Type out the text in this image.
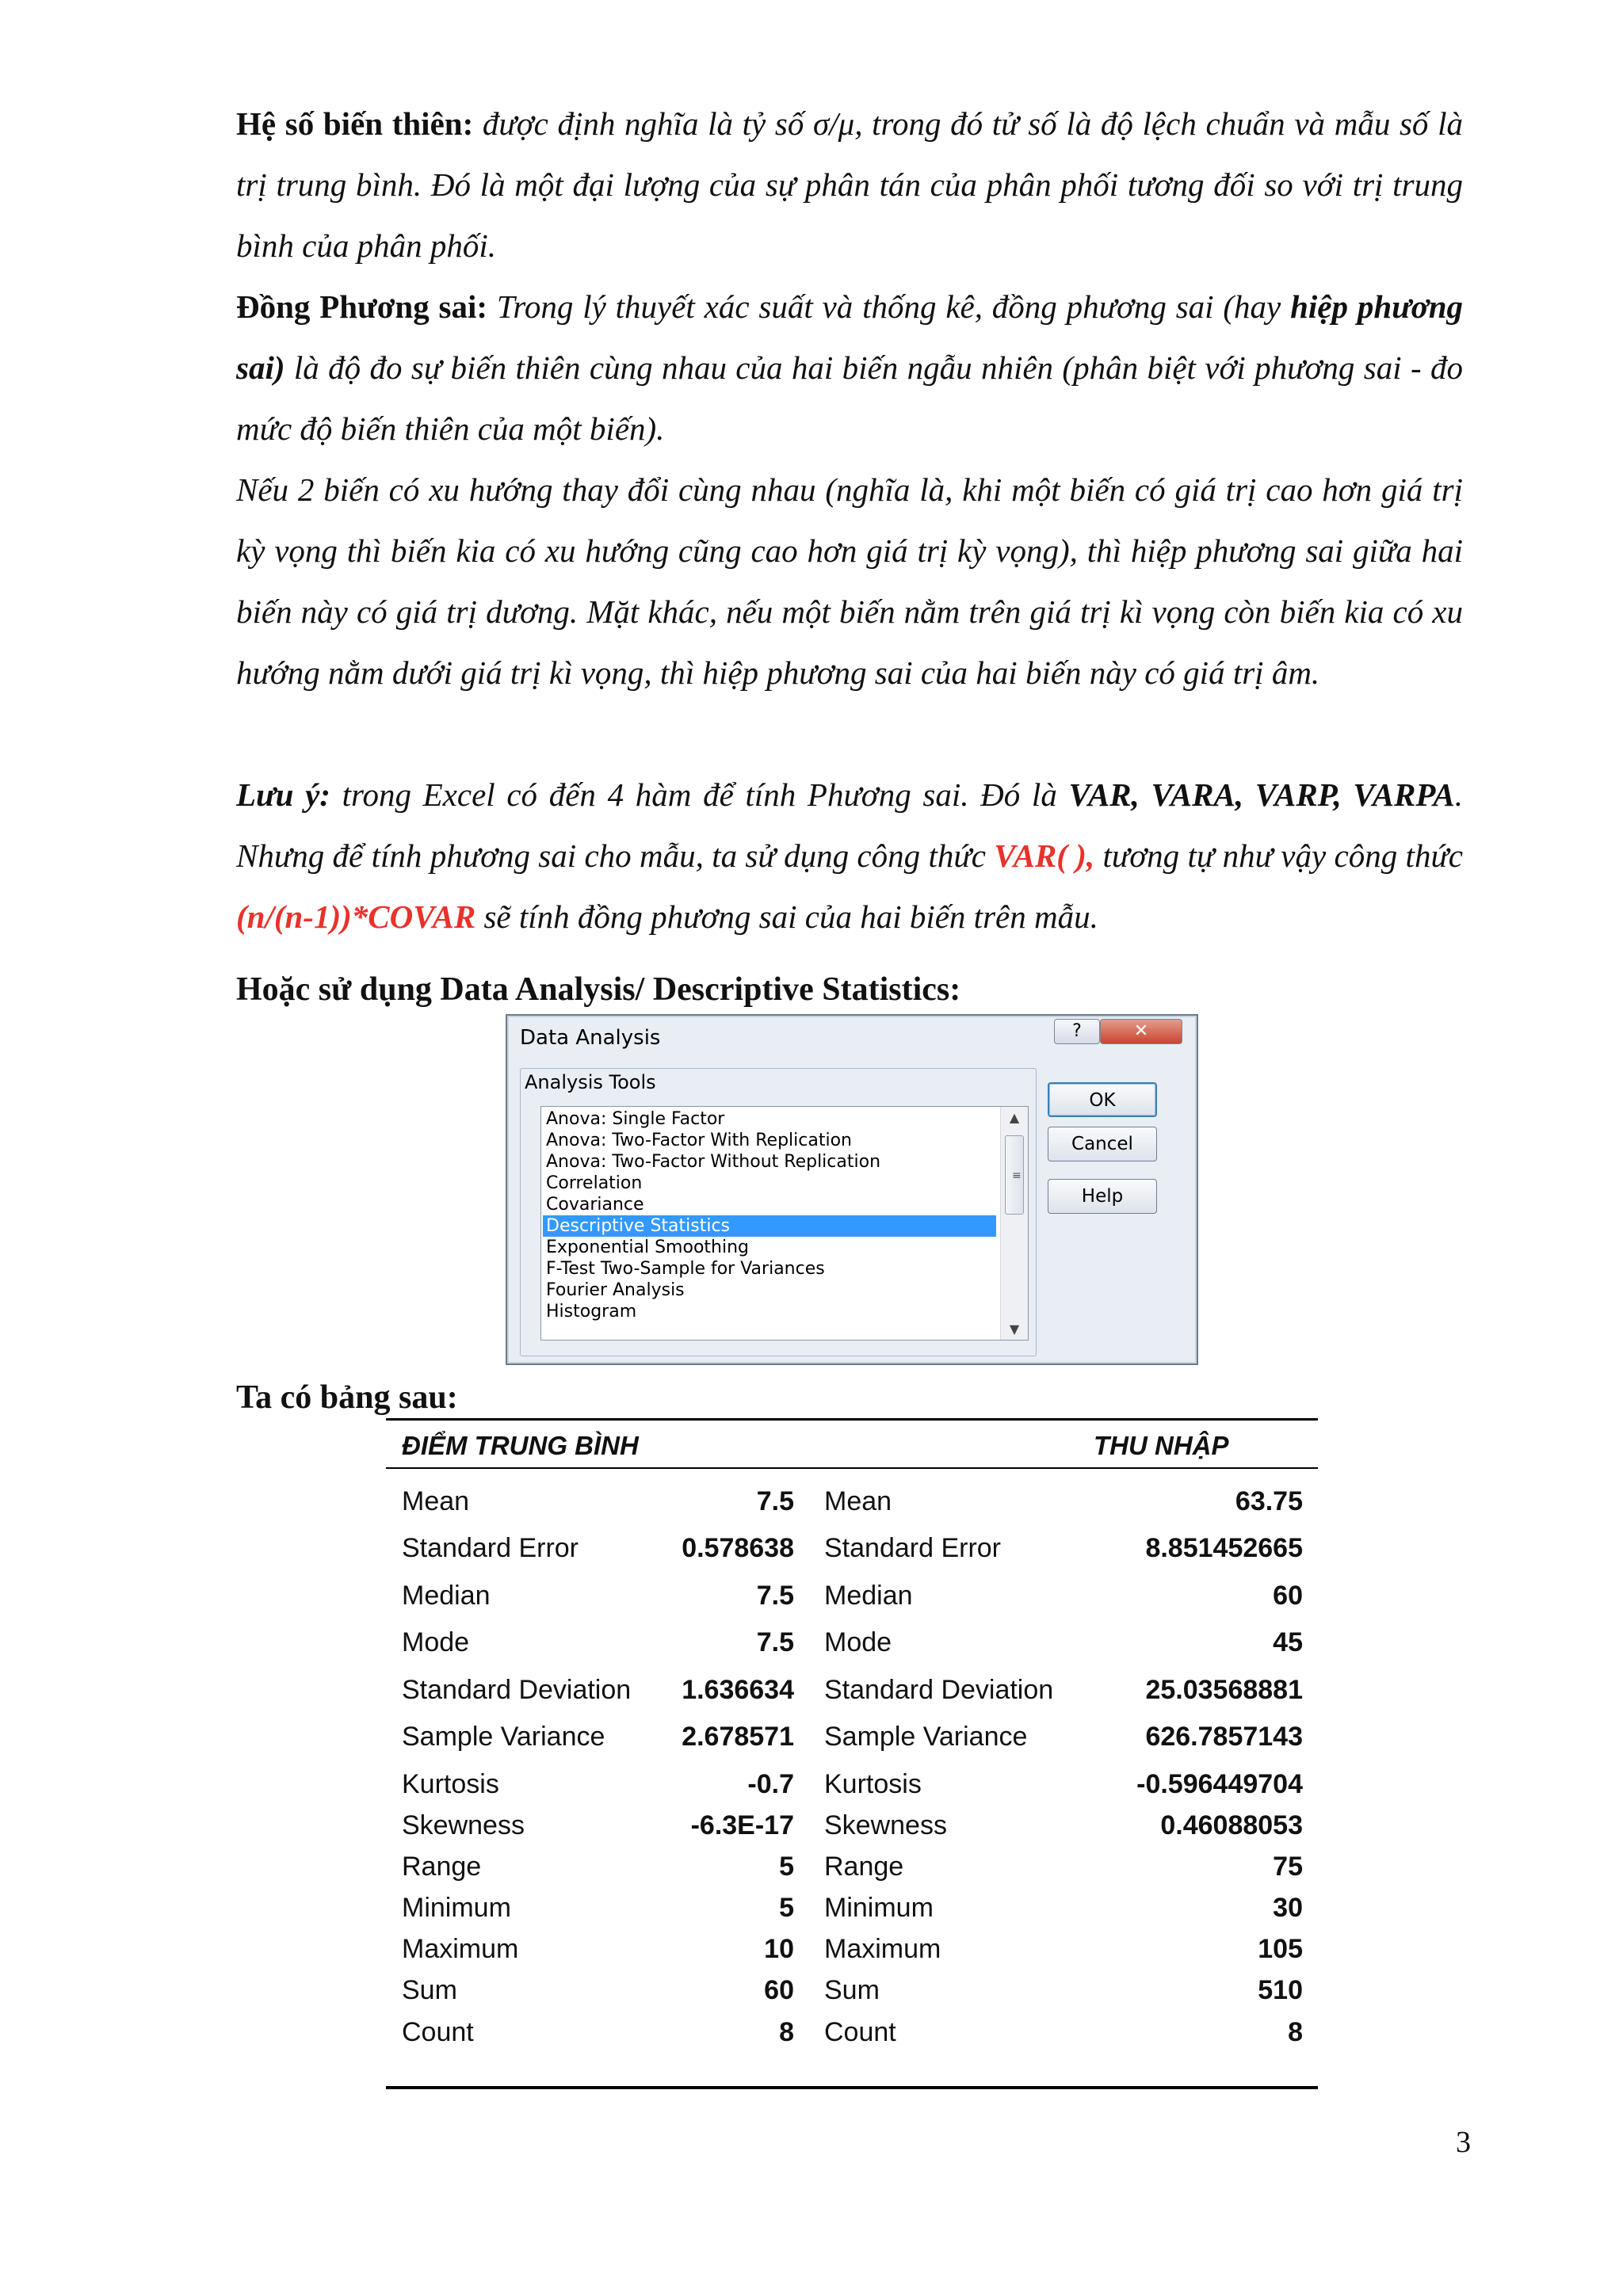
Hệ số biến thiên: được định nghĩa là tỷ số σ/μ, trong đó tử số là độ lệch chuẩn và mẫu số là trị trung bình. Đó là một đại lượng của sự phân tán của phân phối tương đối so với trị trung bình của phân phối.

Đồng Phương sai: Trong lý thuyết xác suất và thống kê, đồng phương sai (hay hiệp phương sai) là độ đo sự biến thiên cùng nhau của hai biến ngẫu nhiên (phân biệt với phương sai - đo mức độ biến thiên của một biến).

Nếu 2 biến có xu hướng thay đổi cùng nhau (nghĩa là, khi một biến có giá trị cao hơn giá trị kỳ vọng thì biến kia có xu hướng cũng cao hơn giá trị kỳ vọng), thì hiệp phương sai giữa hai biến này có giá trị dương. Mặt khác, nếu một biến nằm trên giá trị kì vọng còn biến kia có xu hướng nằm dưới giá trị kì vọng, thì hiệp phương sai của hai biến này có giá trị âm.

Lưu ý: trong Excel có đến 4 hàm để tính Phương sai. Đó là VAR, VARA, VARP, VARPA. Nhưng để tính phương sai cho mẫu, ta sử dụng công thức VAR( ), tương tự như vậy công thức (n/(n-1))*COVAR sẽ tính đồng phương sai của hai biến trên mẫu.

Hoặc sử dụng Data Analysis/ Descriptive Statistics:

Data Analysis	?	✕
Analysis Tools
Anova: Single Factor
Anova: Two-Factor With Replication
Anova: Two-Factor Without Replication
Correlation
Covariance
Descriptive Statistics
Exponential Smoothing
F-Test Two-Sample for Variances
Fourier Analysis
Histogram
▲
≡
▼
OK
Cancel
Help

Ta có bảng sau:

ĐIỂM TRUNG BÌNH	THU NHẬP
Mean	7.5 Mean	63.75
Standard Error	0.578638 Standard Error	8.851452665
Median	7.5 Median	60
Mode	7.5 Mode	45
Standard Deviation	1.636634 Standard Deviation	25.03568881
Sample Variance	2.678571 Sample Variance	626.7857143
Kurtosis	-0.7 Kurtosis	-0.596449704
Skewness	-6.3E-17 Skewness	0.46088053
Range	5 Range	75
Minimum	5 Minimum	30
Maximum	10 Maximum	105
Sum	60 Sum	510
Count	8 Count	8
3
